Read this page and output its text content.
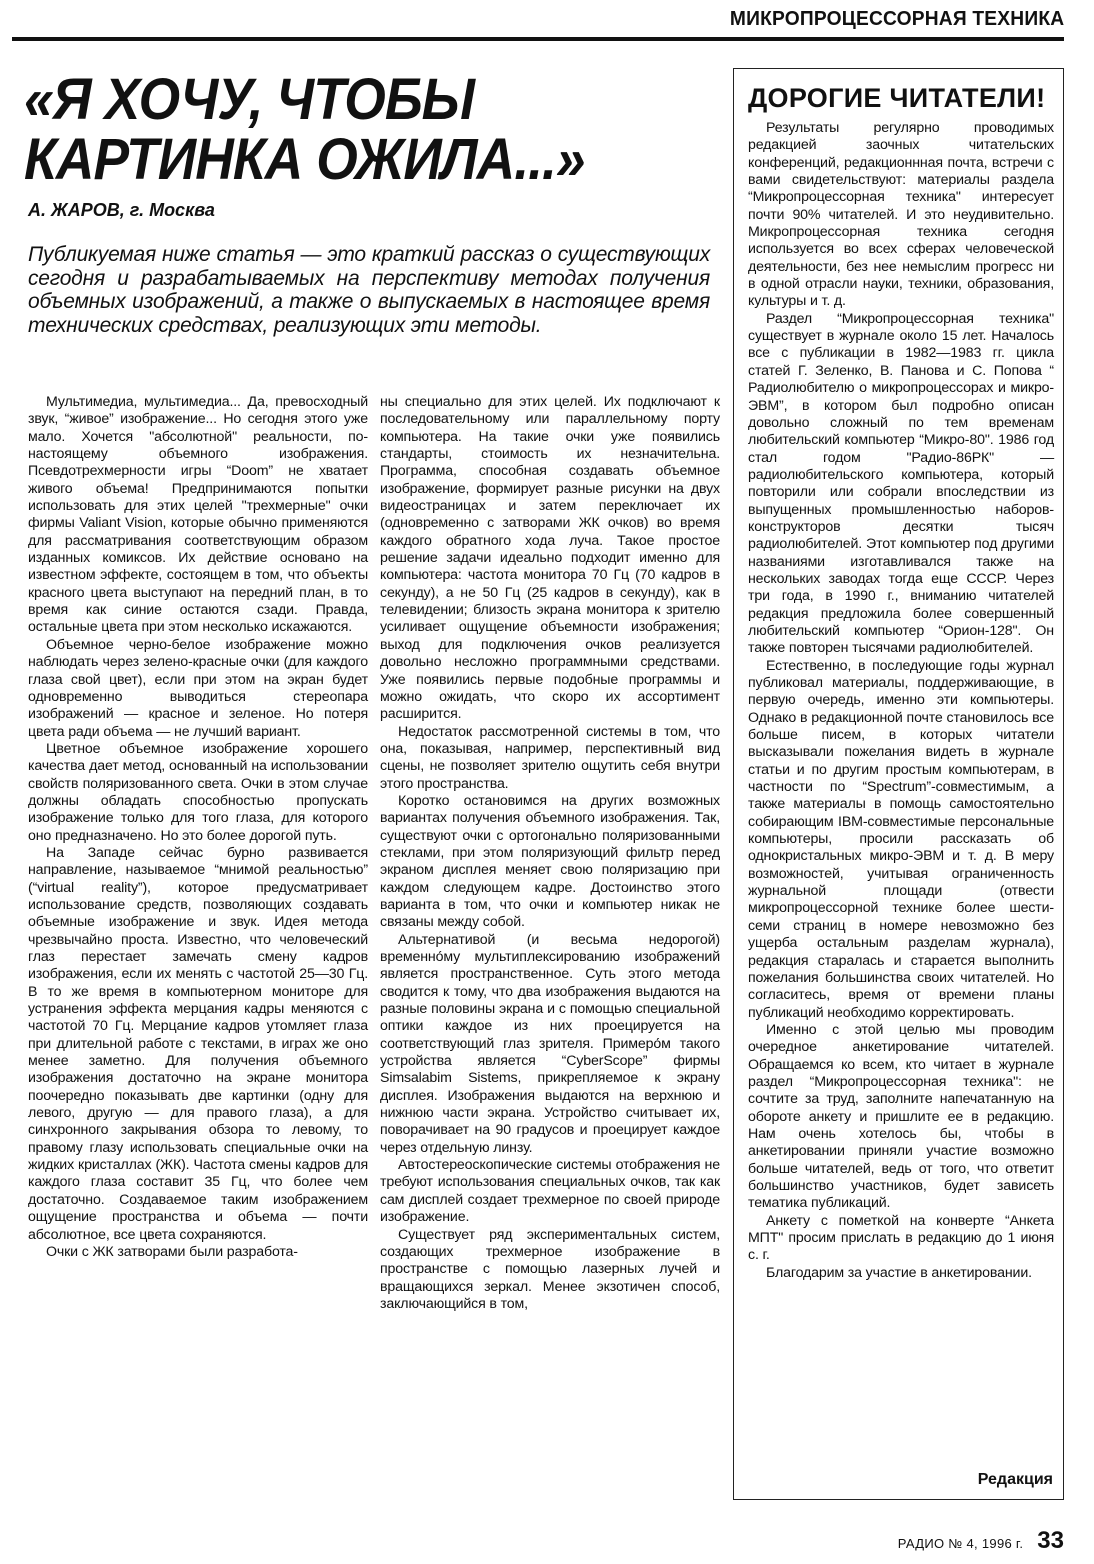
МИКРОПРОЦЕССОРНАЯ ТЕХНИКА
«Я ХОЧУ, ЧТОБЫ КАРТИНКА ОЖИЛА...»
А. ЖАРОВ, г. Москва
Публикуемая ниже статья — это краткий рассказ о существующих сегодня и разрабатываемых на перспективу методах получения объемных изображений, а также о выпускаемых в настоящее время технических средствах, реализующих эти методы.

Мультимедиа, мультимедиа... Да, превосходный звук, “живое” изображение... Но сегодня этого уже мало. Хочется "абсолютной" реальности, по-настоящему объемного изображения. Псевдотрехмерности игры “Doom” не хватает живого объема! Предпринимаются попытки использовать для этих целей "трехмерные" очки фирмы Valiant Vision, которые обычно применяются для рассматривания соответствующим образом изданных комиксов. Их действие основано на известном эффекте, состоящем в том, что объекты красного цвета выступают на передний план, в то время как синие остаются сзади. Правда, остальные цвета при этом несколько искажаются.

Объемное черно-белое изображение можно наблюдать через зелено-красные очки (для каждого глаза свой цвет), если при этом на экран будет одновременно выводиться стереопара изображений — красное и зеленое. Но потеря цвета ради объема — не лучший вариант.

Цветное объемное изображение хорошего качества дает метод, основанный на использовании свойств поляризованного света. Очки в этом случае должны обладать способностью пропускать изображение только для того глаза, для которого оно предназначено. Но это более дорогой путь.

На Западе сейчас бурно развивается направление, называемое “мнимой реальностью” (“virtual reality”), которое предусматривает использование средств, позволяющих создавать объемные изображение и звук. Идея метода чрезвычайно проста. Известно, что человеческий глаз перестает замечать смену кадров изображения, если их менять с частотой 25—30 Гц. В то же время в компьютерном мониторе для устранения эффекта мерцания кадры меняются с частотой 70 Гц. Мерцание кадров утомляет глаза при длительной работе с текстами, в играх же оно менее заметно. Для получения объемного изображения достаточно на экране монитора поочередно показывать две картинки (одну для левого, другую — для правого глаза), а для синхронного закрывания обзора то левому, то правому глазу использовать специальные очки на жидких кристаллах (ЖК). Частота смены кадров для каждого глаза составит 35 Гц, что более чем достаточно. Создаваемое таким изображением ощущение пространства и объема — почти абсолютное, все цвета сохраняются.

Очки с ЖК затворами были разработа-

ны специально для этих целей. Их подключают к последовательному или параллельному порту компьютера. На такие очки уже появились стандарты, стоимость их незначительна. Программа, способная создавать объемное изображение, формирует разные рисунки на двух видеостраницах и затем переключает их (одновременно с затворами ЖК очков) во время каждого обратного хода луча. Такое простое решение задачи идеально подходит именно для компьютера: частота монитора 70 Гц (70 кадров в секунду), а не 50 Гц (25 кадров в секунду), как в телевидении; близость экрана монитора к зрителю усиливает ощущение объемности изображения; выход для подключения очков реализуется довольно несложно программными средствами. Уже появились первые подобные программы и можно ожидать, что скоро их ассортимент расширится.

Недостаток рассмотренной системы в том, что она, показывая, например, перспективный вид сцены, не позволяет зрителю ощутить себя внутри этого пространства.

Коротко остановимся на других возможных вариантах получения объемного изображения. Так, существуют очки с ортогонально поляризованными стеклами, при этом поляризующий фильтр перед экраном дисплея меняет свою поляризацию при каждом следующем кадре. Достоинство этого варианта в том, что очки и компьютер никак не связаны между собой.

Альтернативой (и весьма недорогой) временно́му мультиплексированию изображений является пространственное. Суть этого метода сводится к тому, что два изображения выдаются на разные половины экрана и с помощью специальной оптики каждое из них проецируется на соответствующий глаз зрителя. Примеро́м такого устройства является “CyberScope” фирмы Simsalabim Sistems, прикрепляемое к экрану дисплея. Изображения выдаются на верхнюю и нижнюю части экрана. Устройство считывает их, поворачивает на 90 градусов и проецирует каждое через отдельную линзу.

Автостереоскопические системы отображения не требуют использования специальных очков, так как сам дисплей создает трехмерное по своей природе изображение.

Существует ряд экспериментальных систем, создающих трехмерное изображение в пространстве с помощью лазерных лучей и вращающихся зеркал. Менее экзотичен способ, заключающийся в том,

ДОРОГИЕ ЧИТАТЕЛИ!

Результаты регулярно проводимых редакцией заочных читательских конференций, редакционнная почта, встречи с вами свидетельствуют: материалы раздела “Микропроцессорная техника" интересует почти 90% читателей. И это неудивительно. Микропроцессорная техника сегодня используется во всех сферах человеческой деятельности, без нее немыслим прогресс ни в одной отрасли науки, техники, образования, культуры и т. д.

Раздел “Микропроцессорная техника" существует в журнале около 15 лет. Началось все с публикации в 1982—1983 гг. цикла статей Г. Зеленко, В. Панова и С. Попова “ Радиолюбителю о микропроцессорах и микро-ЭВМ”, в котором был подробно описан довольно сложный по тем временам любительский компьютер “Микро-80". 1986 год стал годом "Радио-86РК" — радиолюбительского компьютера, который повторили или собрали впоследствии из выпущенных промышленностью наборов-конструкторов десятки тысяч радиолюбителей. Этот компьютер под другими названиями изготавливался также на нескольких заводах тогда еще СССР. Через три года, в 1990 г., вниманию читателей редакция предложила более совершенный любительский компьютер “Орион-128". Он также повторен тысячами радиолюбителей.

Естественно, в последующие годы журнал публиковал материалы, поддерживающие, в первую очередь, именно эти компьютеры. Однако в редакционной почте становилось все больше писем, в которых читатели высказывали пожелания видеть в журнале статьи и по другим простым компьютерам, в частности по “Spectrum”-совместимым, а также материалы в помощь самостоятельно собирающим IBM-совместимые персональные компьютеры, просили рассказать об однокристальных микро-ЭВМ и т. д. В меру возможностей, учитывая ограниченность журнальной площади (отвести микропроцессорной технике более шести-семи страниц в номере невозможно без ущерба остальным разделам журнала), редакция старалась и старается выполнить пожелания большинства своих читателей. Но согласитесь, время от времени планы публикаций необходимо корректировать.

Именно с этой целью мы проводим очередное анкетирование читателей. Обращаемся ко всем, кто читает в журнале раздел “Микропроцессорная техника": не сочтите за труд, заполните напечатанную на обороте анкету и пришлите ее в редакцию. Нам очень хотелось бы, чтобы в анкетировании приняли участие возможно больше читателей, ведь от того, что ответит большинство участников, будет зависеть тематика публикаций.

Анкету с пометкой на конверте “Анкета МПТ" просим прислать в редакцию до 1 июня с. г.

Благодарим за участие в анкетировании.

Редакция
РАДИО № 4, 1996 г. 33
